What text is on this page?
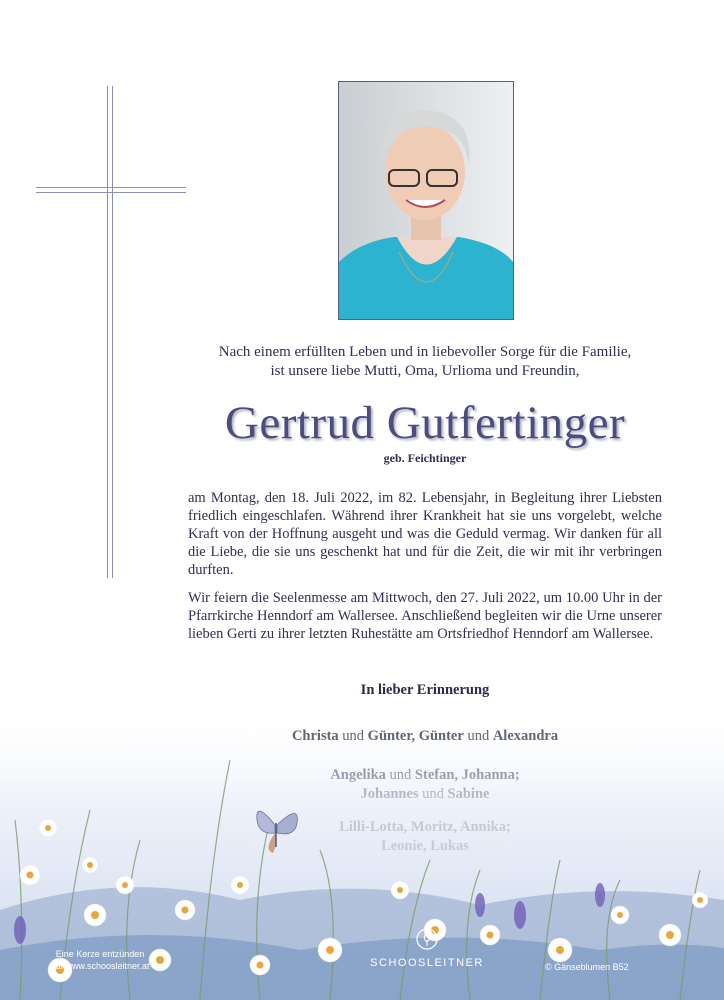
Nach einem erfüllten Leben und in liebevoller Sorge für die Familie,
ist unsere liebe Mutti, Oma, Urlioma und Freundin,
Gertrud Gutfertinger
geb. Feichtinger
am Montag, den 18. Juli 2022, im 82. Lebensjahr, in Begleitung ihrer Liebsten friedlich eingeschlafen. Während ihrer Krankheit hat sie uns vorgelebt, welche Kraft von der Hoffnung ausgeht und was die Geduld vermag. Wir danken für all die Liebe, die sie uns geschenkt hat und für die Zeit, die wir mit ihr verbringen durften.
Wir feiern die Seelenmesse am Mittwoch, den 27. Juli 2022, um 10.00 Uhr in der Pfarrkirche Henndorf am Wallersee. Anschließend begleiten wir die Urne unserer lieben Gerti zu ihrer letzten Ruhestätte am Ortsfriedhof Henndorf am Wallersee.
In lieber Erinnerung
Eine Kerze entzünden
auf www.schoosleitner.at	SCHOOSLEITNER	© Gänseblumen B52
